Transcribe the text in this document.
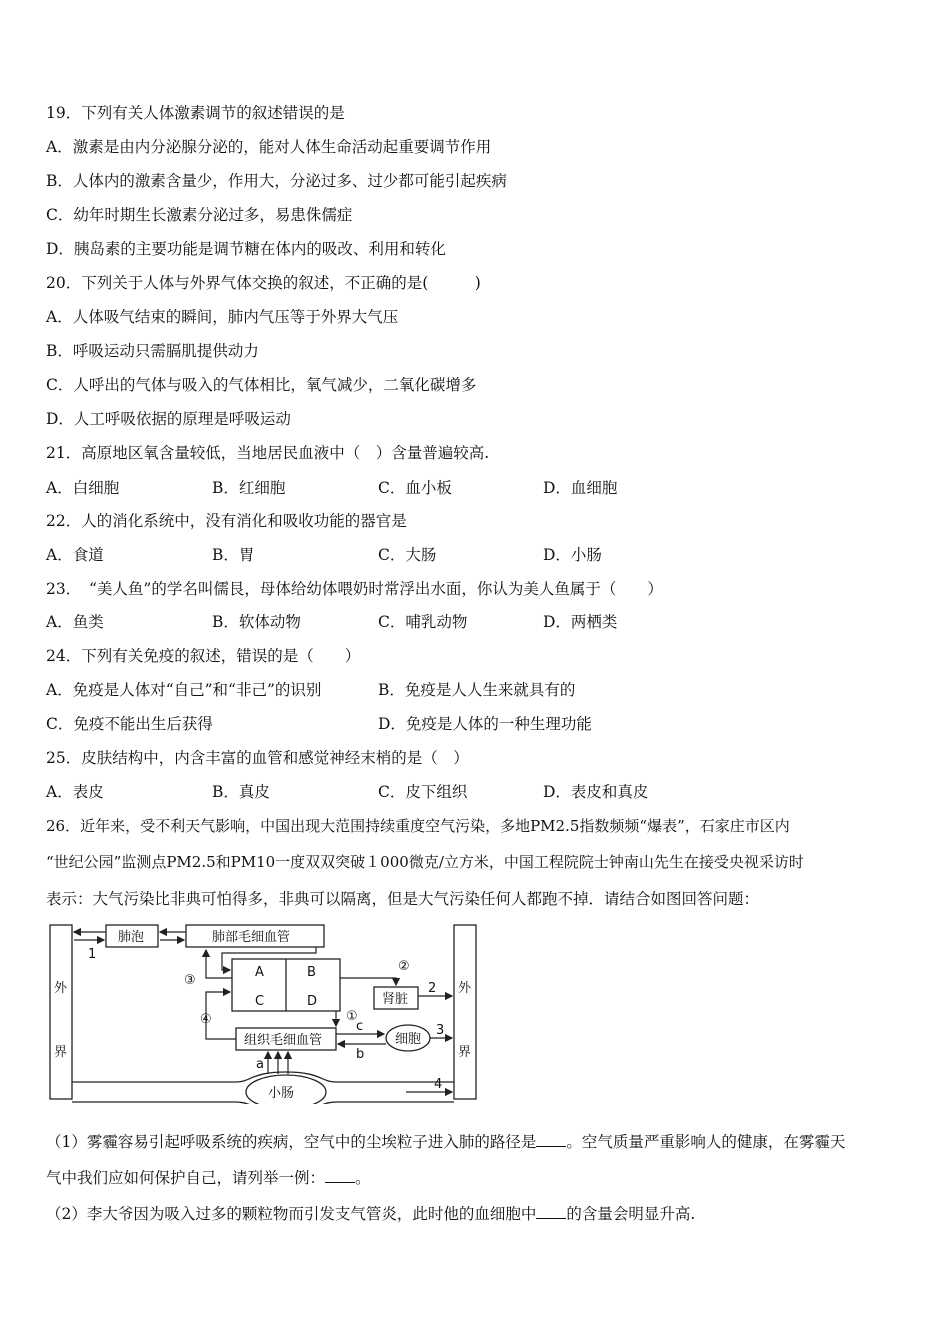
19．下列有关人体激素调节的叙述错误的是
A．激素是由内分泌腺分泌的，能对人体生命活动起重要调节作用
B．人体内的激素含量少，作用大，分泌过多、过少都可能引起疾病
C．幼年时期生长激素分泌过多，易患侏儒症
D．胰岛素的主要功能是调节糖在体内的吸改、利用和转化
20．下列关于人体与外界气体交换的叙述，不正确的是(　　　)
A．人体吸气结束的瞬间，肺内气压等于外界大气压
B．呼吸运动只需膈肌提供动力
C．人呼出的气体与吸入的气体相比，氧气减少，二氧化碳增多
D．人工呼吸依据的原理是呼吸运动
21．高原地区氧含量较低，当地居民血液中（　）含量普遍较高.
A．白细胞	B．红细胞	C．血小板	D．血细胞
22．人的消化系统中，没有消化和吸收功能的器官是
A．食道	B．胃	C．大肠	D．小肠
23．　“美人鱼”的学名叫儒艮，母体给幼体喂奶时常浮出水面，你认为美人鱼属于（　　）
A．鱼类	B．软体动物	C．哺乳动物	D．两栖类
24．下列有关免疫的叙述，错误的是（　　）
A．免疫是人体对“自己”和“非己”的识别	B．免疫是人人生来就具有的
C．免疫不能出生后获得	D．免疫是人体的一种生理功能
25．皮肤结构中，内含丰富的血管和感觉神经末梢的是（　）
A．表皮	B．真皮	C．皮下组织	D．表皮和真皮
26．近年来，受不利天气影响，中国出现大范围持续重度空气污染，多地PM2.5指数频频“爆表”，石家庄市区内
“世纪公园”监测点PM2.5和PM10一度双双突破１000微克/立方米，中国工程院院士钟南山先生在接受央视采访时
表示：大气污染比非典可怕得多，非典可以隔离，但是大气污染任何人都跑不掉．请结合如图回答问题：
外
界
外
界
肺泡	肺部毛细血管
A	B
C	D	肾脏
组织毛细血管	细胞
小肠
1
2
3
4
①
②
③
④
a
b
c
（1）雾霾容易引起呼吸系统的疾病，空气中的尘埃粒子进入肺的路径是 。空气质量严重影响人的健康，在雾霾天
气中我们应如何保护自己，请列举一例： 。
（2）李大爷因为吸入过多的颗粒物而引发支气管炎，此时他的血细胞中 的含量会明显升高.
